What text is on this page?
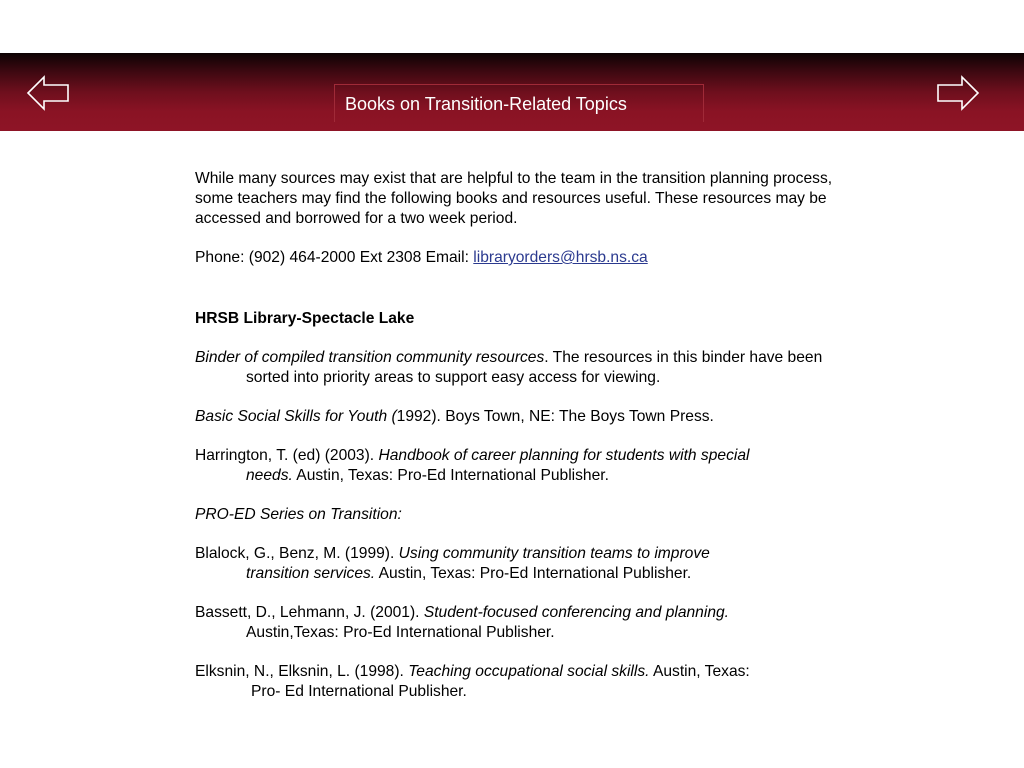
Books on Transition-Related Topics

While many sources may exist that are helpful to the team in the transition planning process,
some teachers may find the following books and resources useful. These resources may be
accessed and borrowed for a two week period.

Phone: (902) 464-2000 Ext 2308 Email: libraryorders@hrsb.ns.ca

HRSB Library-Spectacle Lake

Binder of compiled transition community resources. The resources in this binder have been
sorted into priority areas to support easy access for viewing.

Basic Social Skills for Youth (1992). Boys Town, NE: The Boys Town Press.

Harrington, T. (ed) (2003). Handbook of career planning for students with special
needs. Austin, Texas: Pro-Ed International Publisher.

PRO-ED Series on Transition:

Blalock, G., Benz, M. (1999). Using community transition teams to improve
transition services. Austin, Texas: Pro-Ed International Publisher.

Bassett, D., Lehmann, J. (2001). Student-focused conferencing and planning.
Austin,Texas: Pro-Ed International Publisher.

Elksnin, N., Elksnin, L. (1998). Teaching occupational social skills. Austin, Texas:
Pro- Ed International Publisher.
